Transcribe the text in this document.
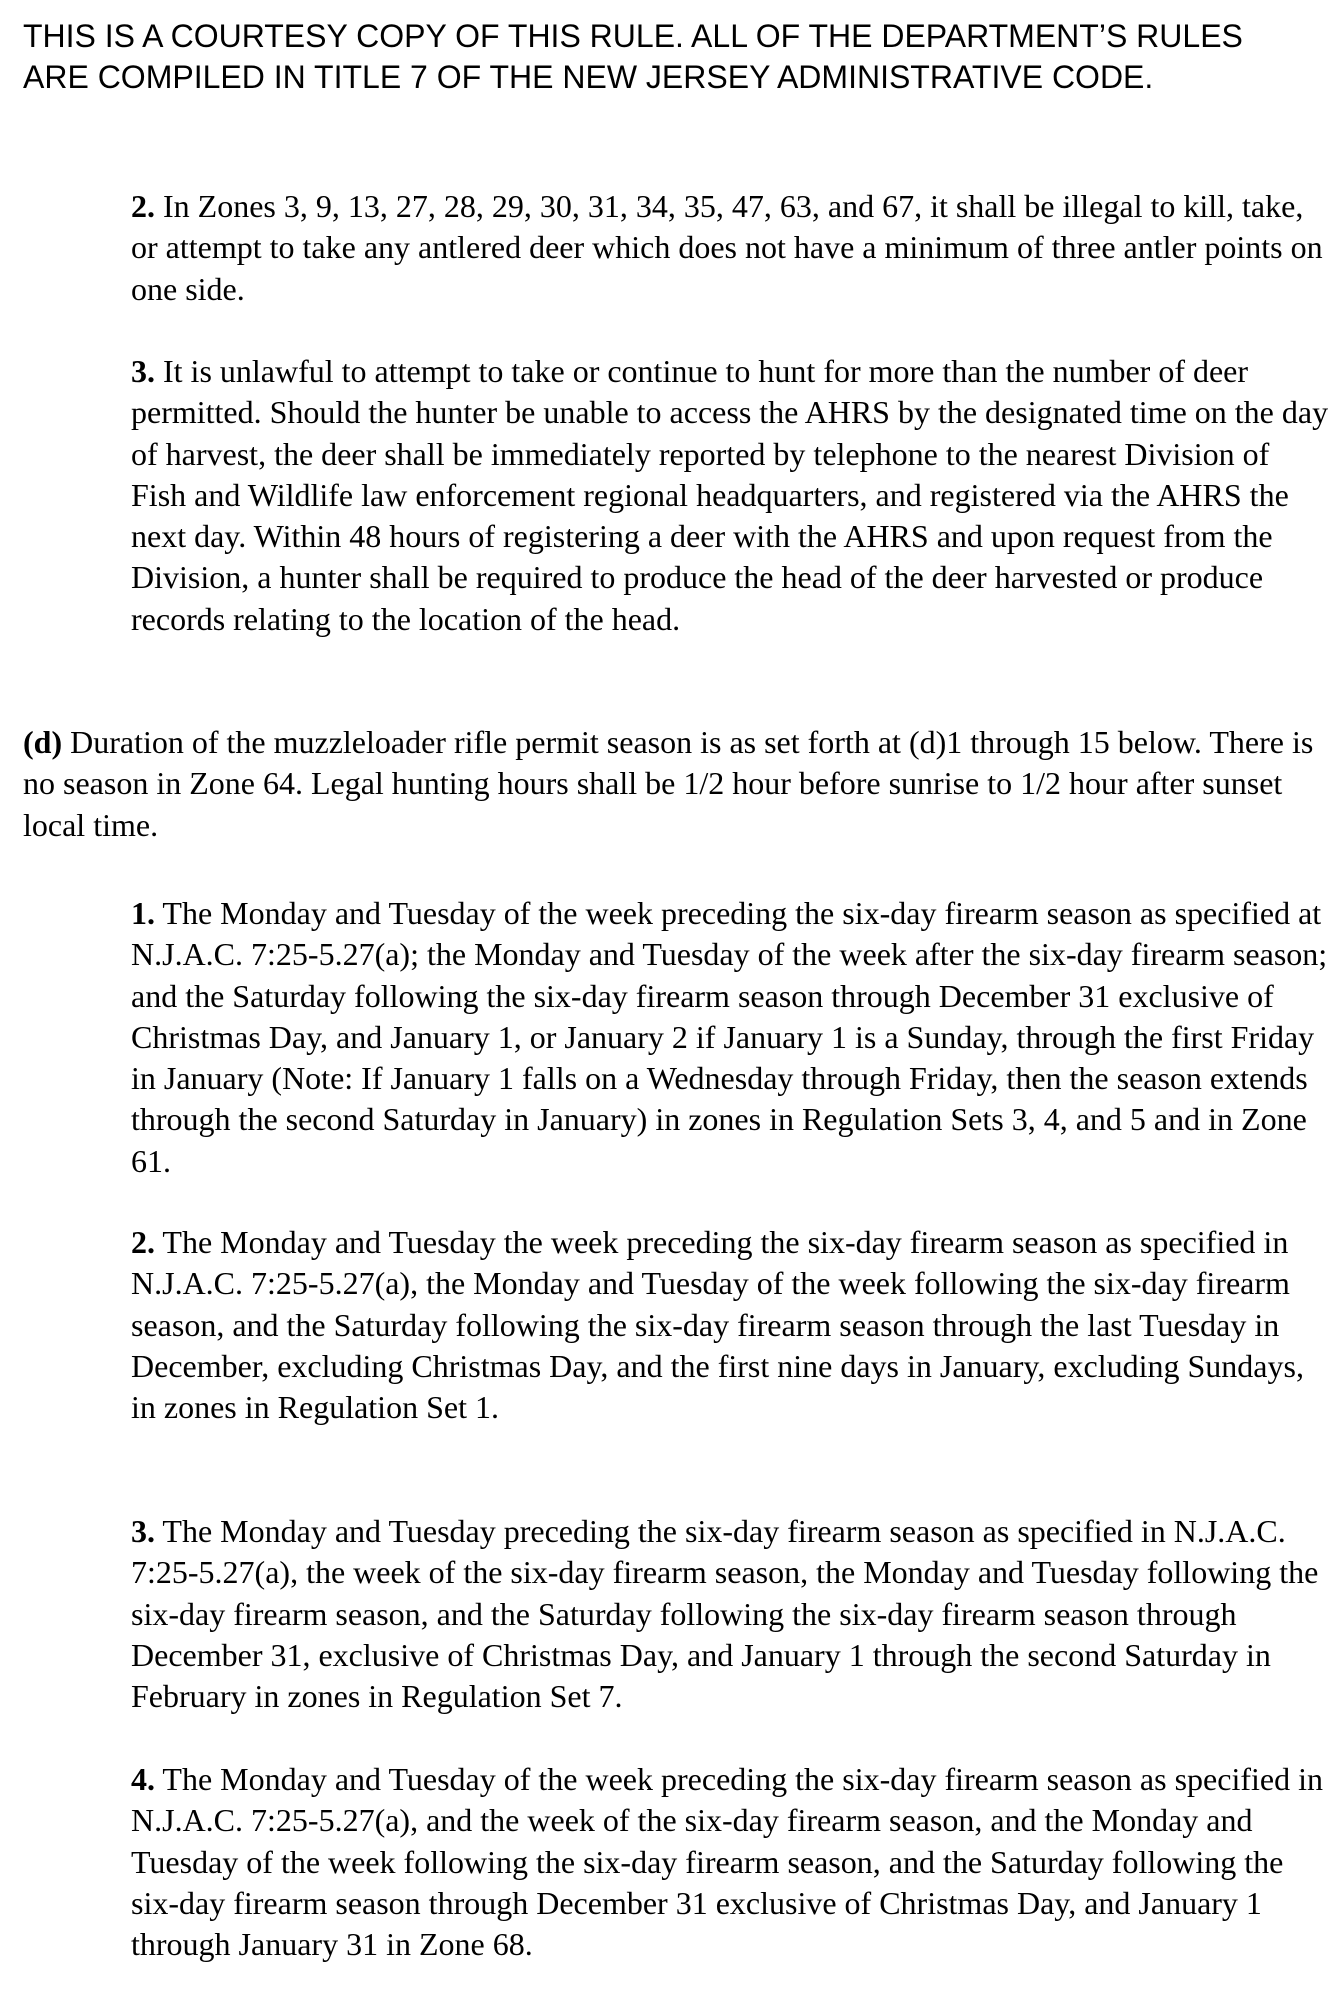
THIS IS A COURTESY COPY OF THIS RULE. ALL OF THE DEPARTMENT’S RULES ARE COMPILED IN TITLE 7 OF THE NEW JERSEY ADMINISTRATIVE CODE.

2. In Zones 3, 9, 13, 27, 28, 29, 30, 31, 34, 35, 47, 63, and 67, it shall be illegal to kill, take, or attempt to take any antlered deer which does not have a minimum of three antler points on one side.

3. It is unlawful to attempt to take or continue to hunt for more than the number of deer permitted. Should the hunter be unable to access the AHRS by the designated time on the day of harvest, the deer shall be immediately reported by telephone to the nearest Division of Fish and Wildlife law enforcement regional headquarters, and registered via the AHRS the next day. Within 48 hours of registering a deer with the AHRS and upon request from the Division, a hunter shall be required to produce the head of the deer harvested or produce records relating to the location of the head.

(d) Duration of the muzzleloader rifle permit season is as set forth at (d)1 through 15 below. There is no season in Zone 64. Legal hunting hours shall be 1/2 hour before sunrise to 1/2 hour after sunset local time.

1. The Monday and Tuesday of the week preceding the six-day firearm season as specified at N.J.A.C. 7:25-5.27(a); the Monday and Tuesday of the week after the six-day firearm season; and the Saturday following the six-day firearm season through December 31 exclusive of Christmas Day, and January 1, or January 2 if January 1 is a Sunday, through the first Friday in January (Note: If January 1 falls on a Wednesday through Friday, then the season extends through the second Saturday in January) in zones in Regulation Sets 3, 4, and 5 and in Zone 61.

2. The Monday and Tuesday the week preceding the six-day firearm season as specified in N.J.A.C. 7:25-5.27(a), the Monday and Tuesday of the week following the six-day firearm season, and the Saturday following the six-day firearm season through the last Tuesday in December, excluding Christmas Day, and the first nine days in January, excluding Sundays, in zones in Regulation Set 1.

3. The Monday and Tuesday preceding the six-day firearm season as specified in N.J.A.C. 7:25-5.27(a), the week of the six-day firearm season, the Monday and Tuesday following the six-day firearm season, and the Saturday following the six-day firearm season through December 31, exclusive of Christmas Day, and January 1 through the second Saturday in February in zones in Regulation Set 7.

4. The Monday and Tuesday of the week preceding the six-day firearm season as specified in N.J.A.C. 7:25-5.27(a), and the week of the six-day firearm season, and the Monday and Tuesday of the week following the six-day firearm season, and the Saturday following the six-day firearm season through December 31 exclusive of Christmas Day, and January 1 through January 31 in Zone 68.
